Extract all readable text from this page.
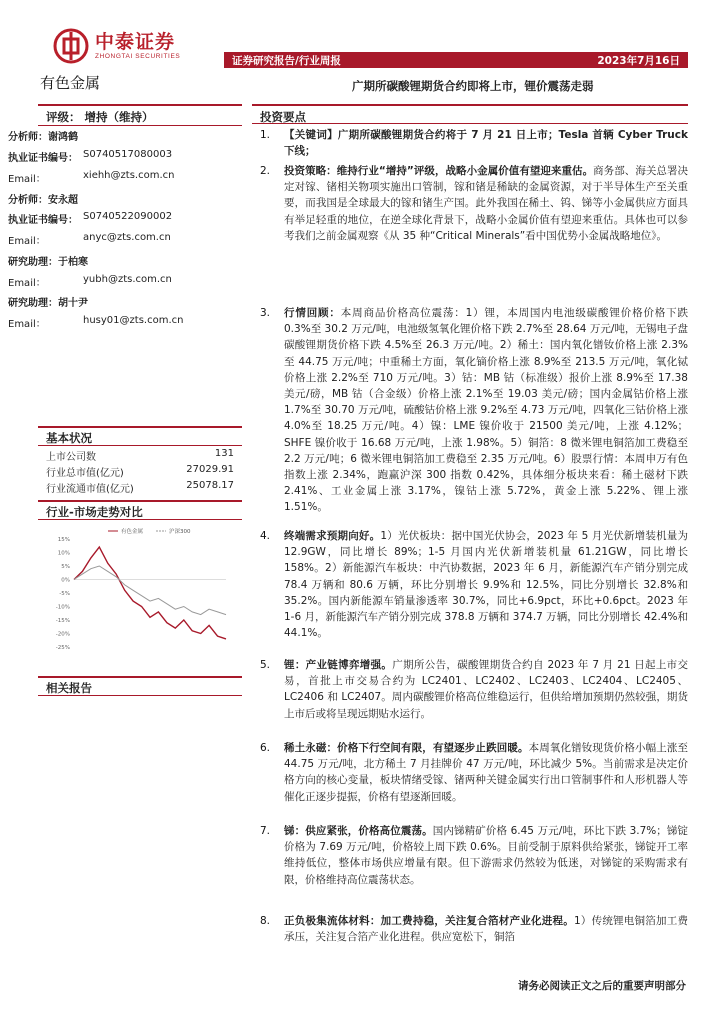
中泰证券
ZHONGTAI SECURITIES	证券研究报告/行业周报	2023年7月16日
有色金属	广期所碳酸锂期货合约即将上市，锂价震荡走弱
评级： 增持（维持）
分析师：谢鸿鹤
执业证书编号： S0740517080003
Email：	xiehh@zts.com.cn
分析师：安永超
执业证书编号： S0740522090002
Email：	anyc@zts.com.cn
研究助理：于柏寒
Email：	yubh@zts.com.cn
研究助理：胡十尹
Email：	husy01@zts.com.cn
基本状况
上市公司数	131
行业总市值(亿元)	27029.91
行业流通市值(亿元)	25078.17
行业-市场走势对比
15%
10%
5%
0%
-5%
-10%
-15%
-20%
-25%
有色金属	沪深300
相关报告
投资要点
1. 【关键词】广期所碳酸锂期货合约将于 7 月 21 日上市；Tesla 首辆 Cyber Truck 下线；
2. 投资策略：维持行业“增持”评级，战略小金属价值有望迎来重估。商务部、海关总署决定对镓、锗相关物项实施出口管制，镓和锗是稀缺的金属资源，对于半导体生产至关重要，而我国是全球最大的镓和锗生产国。此外我国在稀土、钨、锑等小金属供应方面具有举足轻重的地位，在逆全球化背景下，战略小金属价值有望迎来重估。具体也可以参考我们之前金属观察《从 35 种“Critical Minerals”看中国优势小金属战略地位》。
3. 行情回顾：本周商品价格高位震荡：1）锂，本周国内电池级碳酸锂价格价格下跌 0.3%至 30.2 万元/吨，电池级氢氧化锂价格下跌 2.7%至 28.64 万元/吨，无锡电子盘碳酸锂期货价格下跌 4.5%至 26.3 万元/吨。2）稀土：国内氧化镨钕价格上涨 2.3%至 44.75 万元/吨；中重稀土方面，氧化镝价格上涨 8.9%至 213.5 万元/吨，氧化铽价格上涨 2.2%至 710 万元/吨。3）钴：MB 钴（标准级）报价上涨 8.9%至 17.38 美元/磅，MB 钴（合金级）价格上涨 2.1%至 19.03 美元/磅；国内金属钴价格上涨 1.7%至 30.70 万元/吨，硫酸钴价格上涨 9.2%至 4.73 万元/吨，四氧化三钴价格上涨 4.0%至 18.25 万元/吨。4）镍：LME 镍价收于 21500 美元/吨，上涨 4.12%；SHFE 镍价收于 16.68 万元/吨，上涨 1.98%。5）铜箔：8 微米锂电铜箔加工费稳至 2.2 万元/吨；6 微米锂电铜箔加工费稳至 2.35 万元/吨。6）股票行情：本周申万有色指数上涨 2.34%，跑赢沪深 300 指数 0.42%，具体细分板块来看：稀土磁材下跌 2.41%、工业金属上涨 3.17%，镍钴上涨 5.72%，黄金上涨 5.22%、锂上涨 1.51%。
4. 终端需求预期向好。1）光伏板块：据中国光伏协会，2023 年 5 月光伏新增装机量为 12.9GW，同比增长 89%；1-5 月国内光伏新增装机量 61.21GW，同比增长 158%。2）新能源汽车板块：中汽协数据，2023 年 6 月，新能源汽车产销分别完成 78.4 万辆和 80.6 万辆，环比分别增长 9.9%和 12.5%，同比分别增长 32.8%和 35.2%。国内新能源车销量渗透率 30.7%，同比+6.9pct，环比+0.6pct。2023 年 1-6 月，新能源汽车产销分别完成 378.8 万辆和 374.7 万辆，同比分别增长 42.4%和 44.1%。
5. 锂：产业链博弈增强。广期所公告，碳酸锂期货合约自 2023 年 7 月 21 日起上市交易，首批上市交易合约为 LC2401、LC2402、LC2403、LC2404、LC2405、LC2406 和 LC2407。周内碳酸锂价格高位维稳运行，但供给增加预期仍然较强，期货上市后或将呈现远期贴水运行。
6. 稀土永磁：价格下行空间有限，有望逐步止跌回暖。本周氧化镨钕现货价格小幅上涨至 44.75 万元/吨，北方稀土 7 月挂牌价 47 万元/吨，环比减少 5%。当前需求是决定价格方向的核心变量，板块情绪受镓、锗两种关键金属实行出口管制事件和人形机器人等催化正逐步提振，价格有望逐渐回暖。
7. 锑：供应紧张，价格高位震荡。国内锑精矿价格 6.45 万元/吨，环比下跌 3.7%；锑锭价格为 7.69 万元/吨，价格较上周下跌 0.6%。目前受制于原料供给紧张，锑锭开工率维持低位，整体市场供应增量有限。但下游需求仍然较为低迷，对锑锭的采购需求有限，价格维持高位震荡状态。
8. 正负极集流体材料：加工费持稳，关注复合箔材产业化进程。1）传统锂电铜箔加工费承压，关注复合箔产业化进程。供应宽松下，铜箔
请务必阅读正文之后的重要声明部分
